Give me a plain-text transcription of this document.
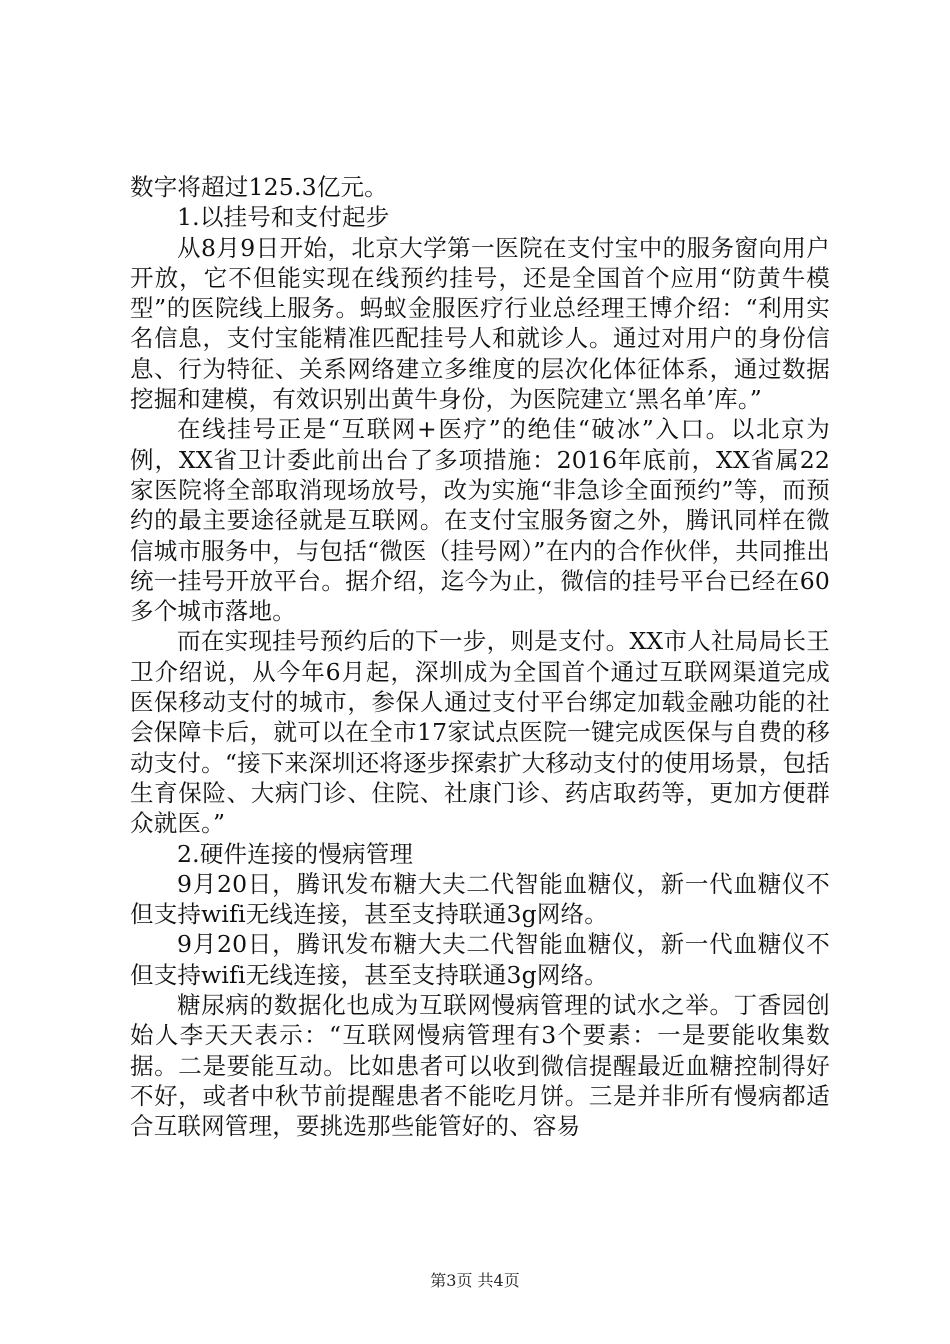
数字将超过125.3亿元。

1.以挂号和支付起步

从8月9日开始，北京大学第一医院在支付宝中的服务窗向用户开放，它不但能实现在线预约挂号，还是全国首个应用“防黄牛模型”的医院线上服务。蚂蚁金服医疗行业总经理王博介绍：“利用实名信息，支付宝能精准匹配挂号人和就诊人。通过对用户的身份信息、行为特征、关系网络建立多维度的层次化体征体系，通过数据挖掘和建模，有效识别出黄牛身份，为医院建立‘黑名单’库。”

在线挂号正是“互联网+医疗”的绝佳“破冰”入口。以北京为例，XX省卫计委此前出台了多项措施：2016年底前，XX省属22家医院将全部取消现场放号，改为实施“非急诊全面预约”等，而预约的最主要途径就是互联网。在支付宝服务窗之外，腾讯同样在微信城市服务中，与包括“微医（挂号网）”在内的合作伙伴，共同推出统一挂号开放平台。据介绍，迄今为止，微信的挂号平台已经在60多个城市落地。

而在实现挂号预约后的下一步，则是支付。XX市人社局局长王卫介绍说，从今年6月起，深圳成为全国首个通过互联网渠道完成医保移动支付的城市，参保人通过支付平台绑定加载金融功能的社会保障卡后，就可以在全市17家试点医院一键完成医保与自费的移动支付。“接下来深圳还将逐步探索扩大移动支付的使用场景，包括生育保险、大病门诊、住院、社康门诊、药店取药等，更加方便群众就医。”

2.硬件连接的慢病管理

9月20日，腾讯发布糖大夫二代智能血糖仪，新一代血糖仪不但支持wifi无线连接，甚至支持联通3g网络。

9月20日，腾讯发布糖大夫二代智能血糖仪，新一代血糖仪不但支持wifi无线连接，甚至支持联通3g网络。

糖尿病的数据化也成为互联网慢病管理的试水之举。丁香园创始人李天天表示：“互联网慢病管理有3个要素：一是要能收集数据。二是要能互动。比如患者可以收到微信提醒最近血糖控制得好不好，或者中秋节前提醒患者不能吃月饼。三是并非所有慢病都适合互联网管理，要挑选那些能管好的、容易

第3页 共4页
